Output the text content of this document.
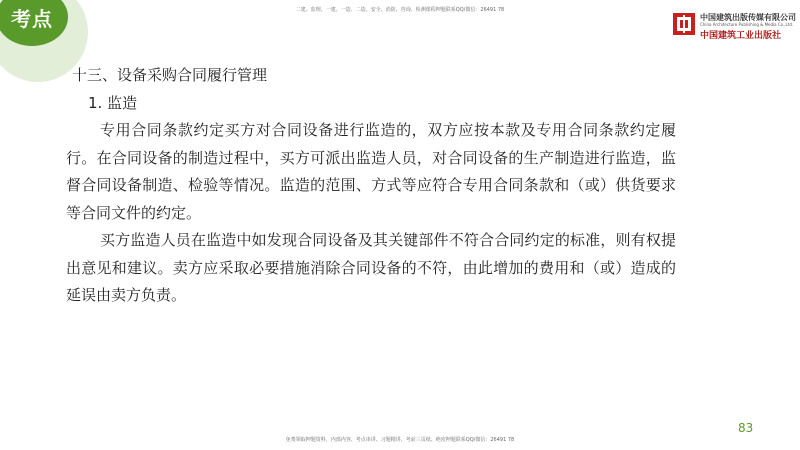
考点	二建、监理、一建、一造、二造、安全、消防、咨询、检测课程押题联系QQ/微信：26491 78
中国建筑出版传媒有限公司
China Architecture Publishing & Media Co.,Ltd.
中国建筑工业出版社

十三、设备采购合同履行管理

1. 监造

专用合同条款约定买方对合同设备进行监造的，双方应按本款及专用合同条款约定履行。在合同设备的制造过程中，买方可派出监造人员，对合同设备的生产制造进行监造，监督合同设备制造、检验等情况。监造的范围、方式等应符合专用合同条款和（或）供货要求等合同文件的约定。

买方监造人员在监造中如发现合同设备及其关键部件不符合合同约定的标准，则有权提出意见和建议。卖方应采取必要措施消除合同设备的不符，由此增加的费用和（或）造成的延误由卖方负责。

83
免费领取押题资料，内部内容、考点串讲、习题精讲、考前三页纸、绝密押题联系QQ/微信：26491 78
